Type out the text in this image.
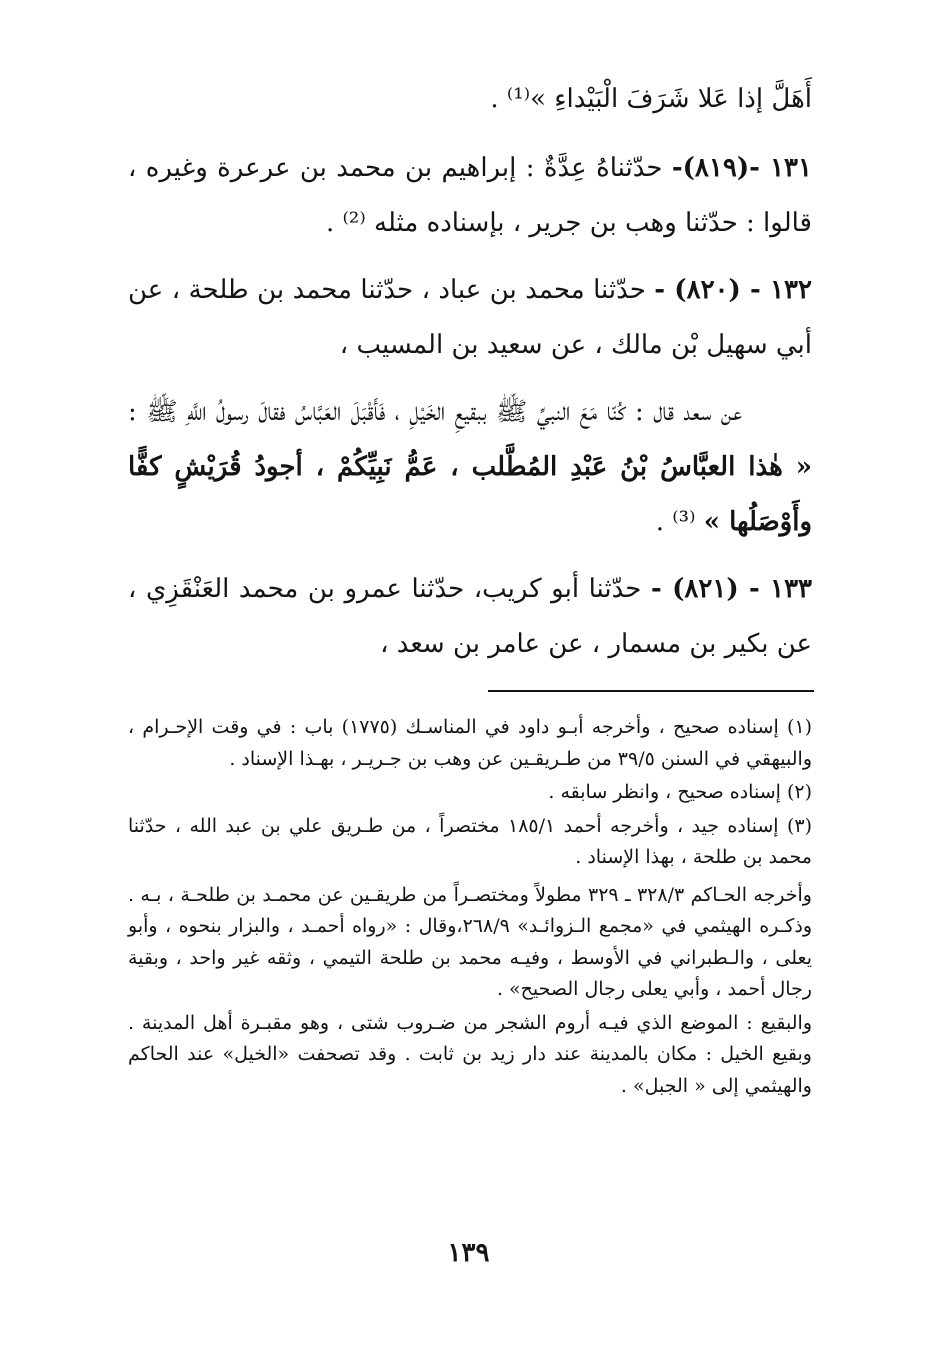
أَهَلَّ إذا عَلا شَرَفَ الْبَيْداءِ »⁽¹⁾ .

١٣١ -(٨١٩)- حدّثناهُ عِدَّةٌ : إبراهيم بن محمد بن عرعرة وغيره ، قالوا : حدّثنا وهب بن جرير ، بإسناده مثله ⁽²⁾ .

١٣٢ - (٨٢٠) - حدّثنا محمد بن عباد ، حدّثنا محمد بن طلحة ، عن أبي سهيل بْن مالك ، عن سعيد بن المسيب ،

عن سعد قال : كُنّا مَعَ النبيِّ ﷺ ببقيعِ الخَيْلِ ، فَأَقْبَلَ العَبَّاسُ فقالَ رسولُ اللَّهِ ﷺ : « هٰذا العبَّاسُ بْنُ عَبْدِ المُطَّلب ، عَمُّ نَبِيِّكُمْ ، أجودُ قُرَيْشٍ كفًّا وأَوْصَلُها » ⁽³⁾ .

١٣٣ - (٨٢١) - حدّثنا أبو كريب، حدّثنا عمرو بن محمد العَنْقَزِي ، عن بكير بن مسمار ، عن عامر بن سعد ،

(١) إسناده صحيح ، وأخرجه أبـو داود في المناسـك (١٧٧٥) باب : في وقت الإحـرام ، والبيهقي في السنن ٣٩/٥ من طـريقـين عن وهب بن جـريـر ، بهـذا الإسناد .

(٢) إسناده صحيح ، وانظر سابقه .

(٣) إسناده جيد ، وأخرجه أحمد ١٨٥/١ مختصراً ، من طـريق علي بن عبد الله ، حدّثنا محمد بن طلحة ، بهذا الإسناد .

وأخرجه الحـاكم ٣٢٨/٣ ـ ٣٢٩ مطولاً ومختصـراً من طريقـين عن محمـد بن طلحـة ، بـه . وذكـره الهيثمي في «مجمع الـزوائـد» ٢٦٨/٩،وقال : «رواه أحمـد ، والبزار بنحوه ، وأبو يعلى ، والـطبراني في الأوسط ، وفيـه محمد بن طلحة التيمي ، وثقه غير واحد ، وبقية رجال أحمد ، وأبي يعلى رجال الصحيح» .

والبقيع : الموضع الذي فيـه أروم الشجر من ضـروب شتى ، وهو مقبـرة أهل المدينة . وبقيع الخيل : مكان بالمدينة عند دار زيد بن ثابت . وقد تصحفت «الخيل» عند الحاكم والهيثمي إلى « الجبل» .

١٣٩
